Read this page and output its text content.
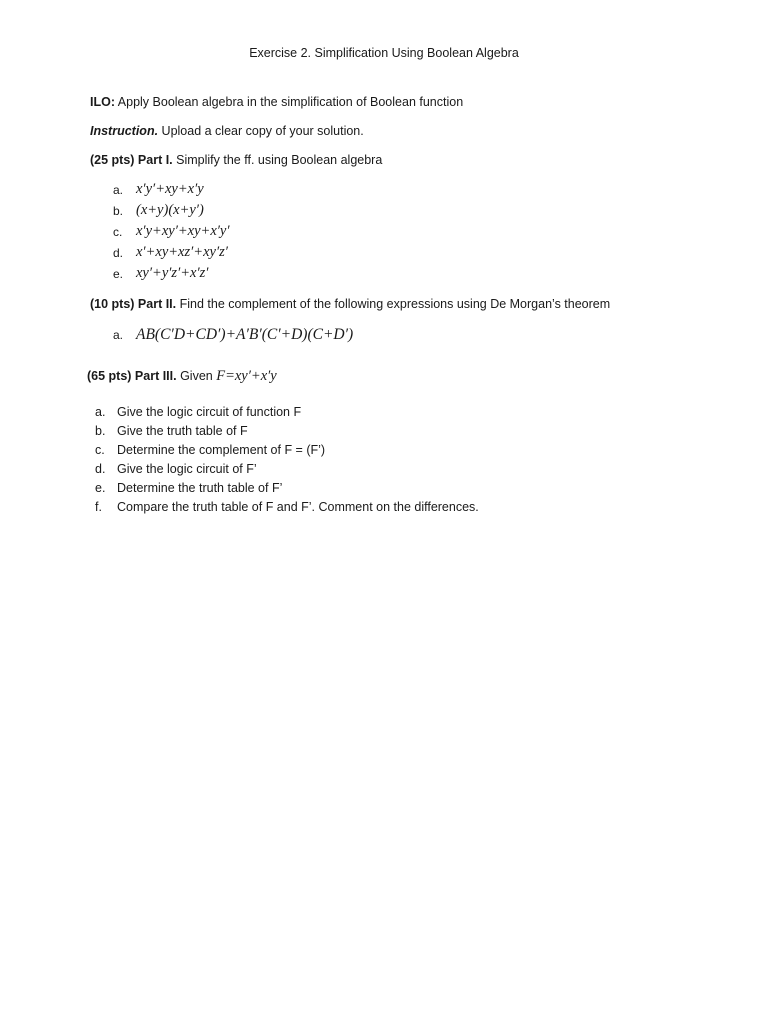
Exercise 2. Simplification Using Boolean Algebra
ILO: Apply Boolean algebra in the simplification of Boolean function
Instruction. Upload a clear copy of your solution.
(25 pts) Part I. Simplify the ff. using Boolean algebra
a. x′y′+xy+x′y
b. (x+y)(x+y′)
c. x′y+xy′+xy+x′y′
d. x′+xy+xz′+xy′z′
e. xy′+y′z′+x′z′
(10 pts) Part II. Find the complement of the following expressions using De Morgan’s theorem
a. AB(C′D+CD′)+A′B′(C′+D)(C+D′)
(65 pts) Part III. Given F=xy′+x′y
a. Give the logic circuit of function F
b. Give the truth table of F
c. Determine the complement of F = (F’)
d. Give the logic circuit of F’
e. Determine the truth table of F’
f. Compare the truth table of F and F’. Comment on the differences.
